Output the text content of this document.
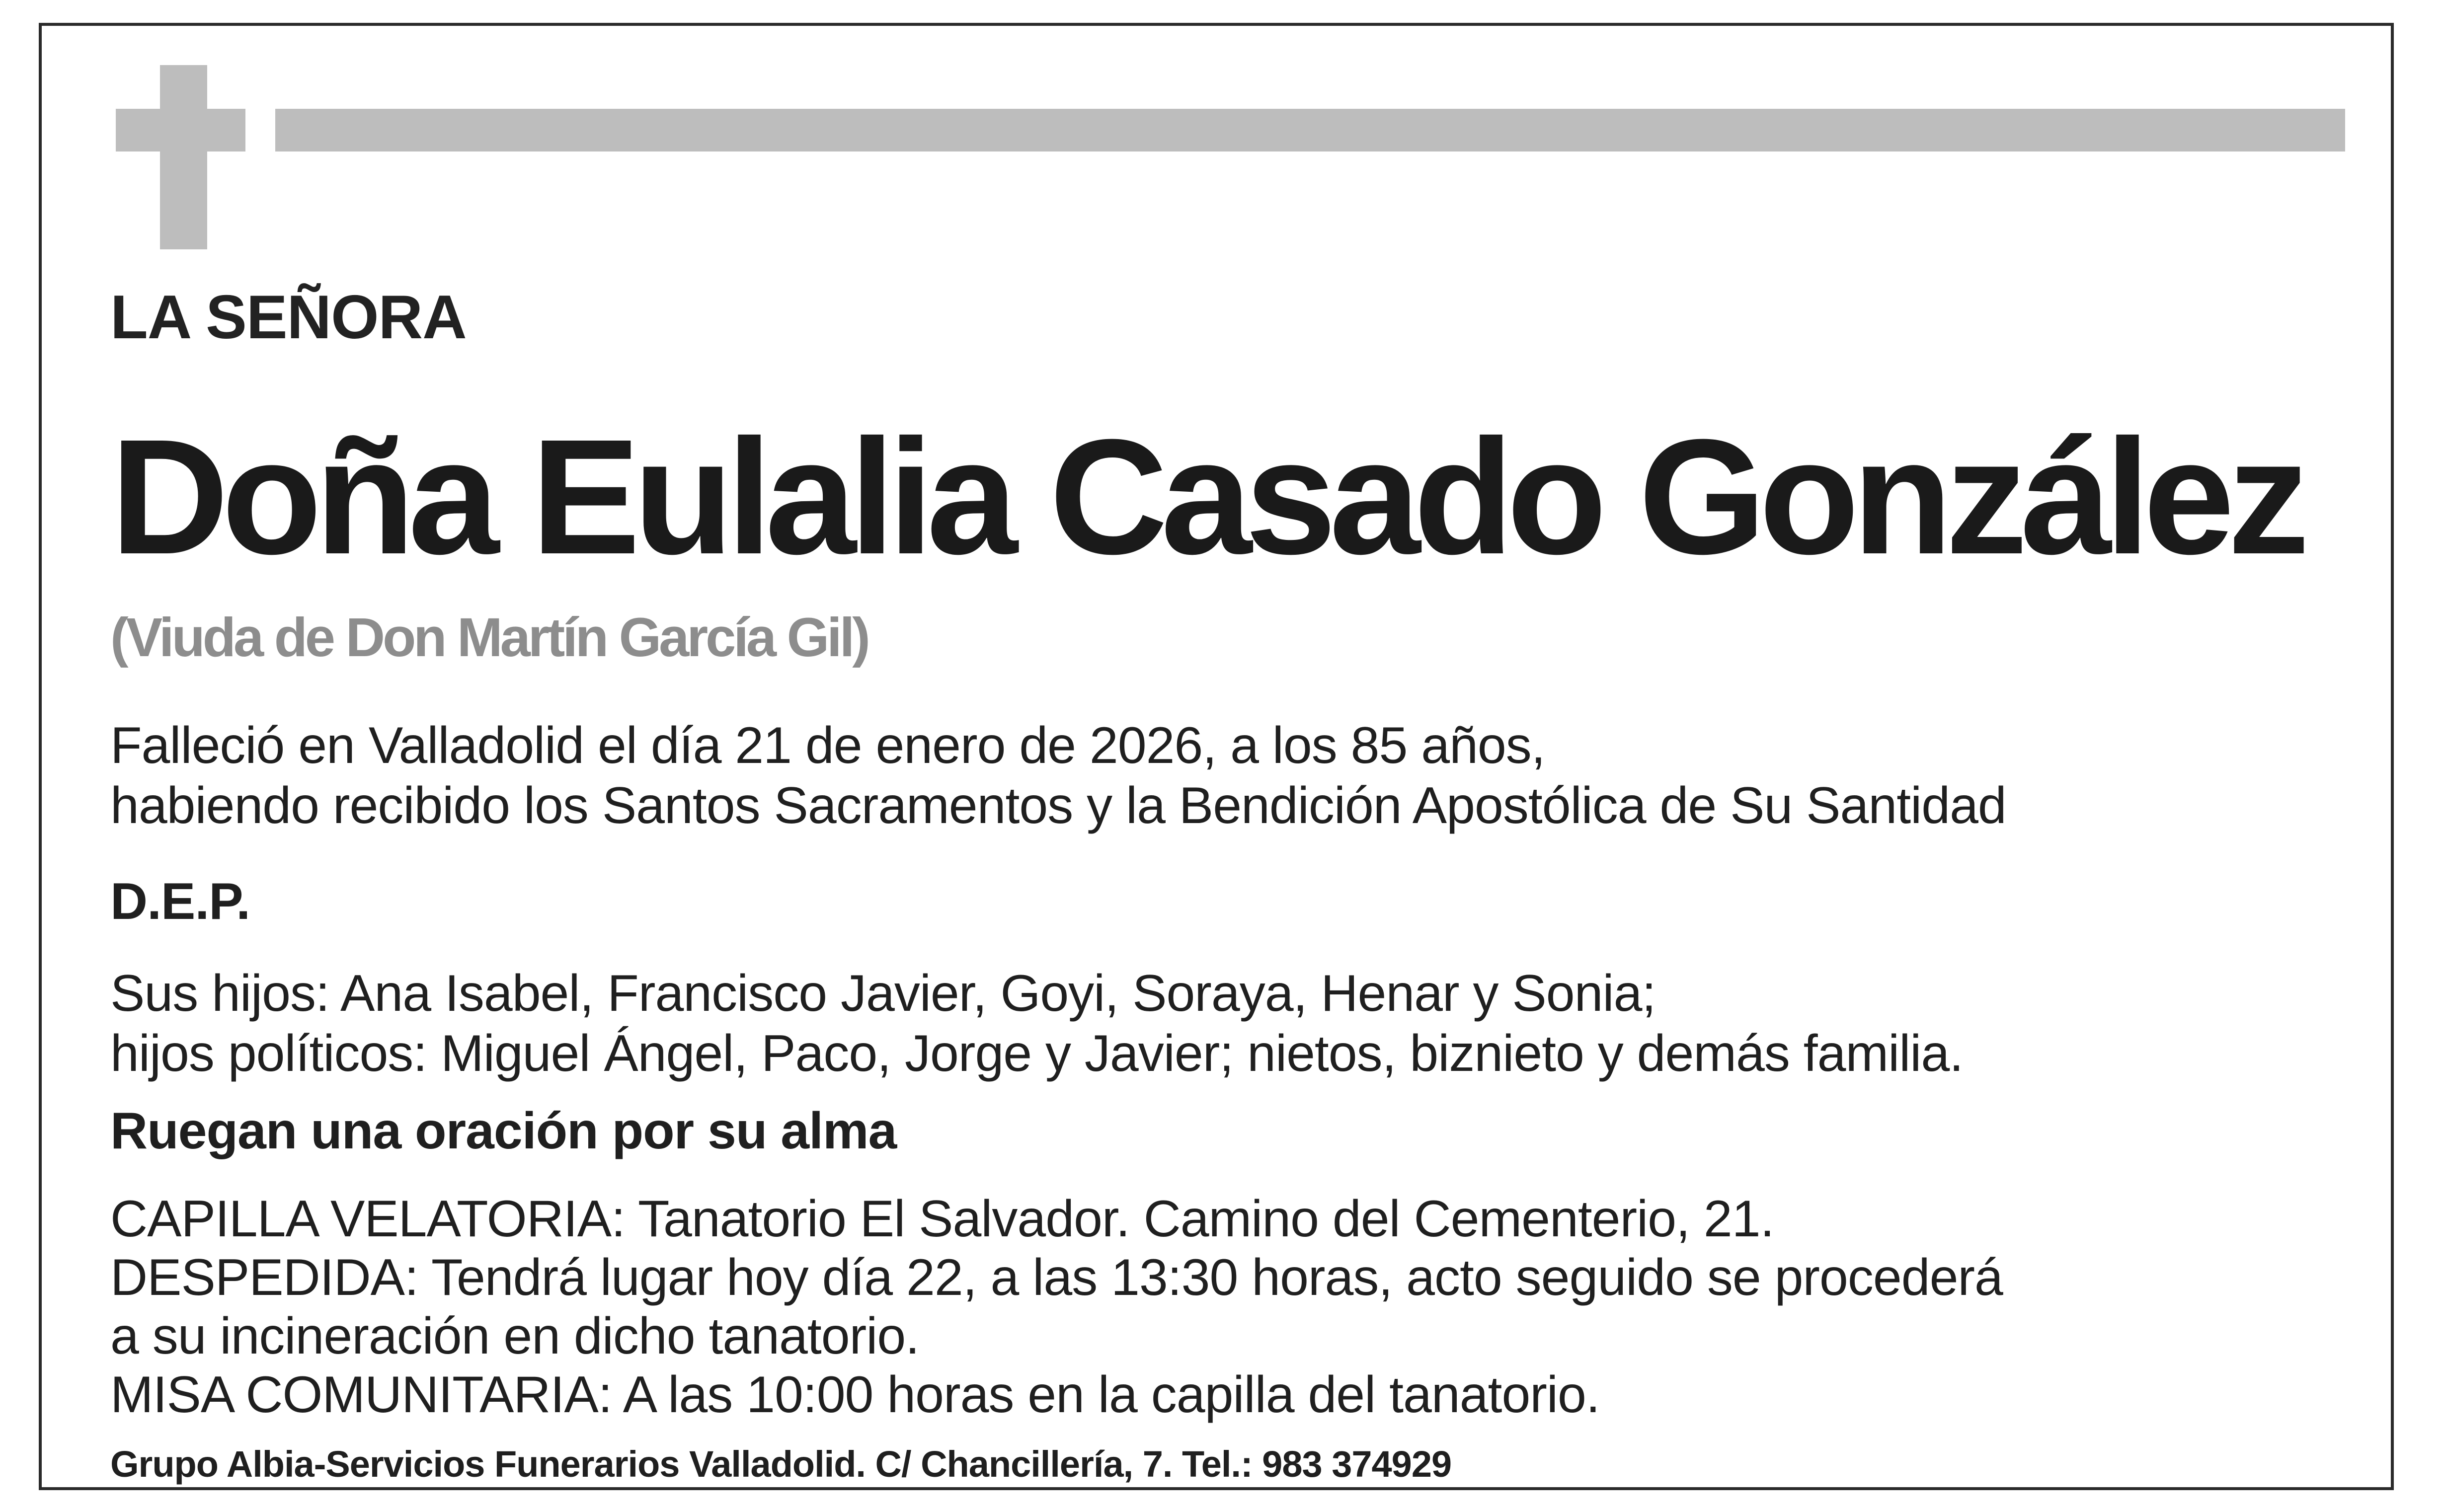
LA SEÑORA
Doña Eulalia Casado González
(Viuda de Don Martín García Gil)
Falleció en Valladolid el día 21 de enero de 2026, a los 85 años,
habiendo recibido los Santos Sacramentos y la Bendición Apostólica de Su Santidad
D.E.P.
Sus hijos: Ana Isabel, Francisco Javier, Goyi, Soraya, Henar y Sonia;
hijos políticos: Miguel Ángel, Paco, Jorge y Javier; nietos, biznieto y demás familia.
Ruegan una oración por su alma
CAPILLA VELATORIA: Tanatorio El Salvador. Camino del Cementerio, 21.
DESPEDIDA: Tendrá lugar hoy día 22, a las 13:30 horas, acto seguido se procederá
a su incineración en dicho tanatorio.
MISA COMUNITARIA: A las 10:00 horas en la capilla del tanatorio.
Grupo Albia-Servicios Funerarios Valladolid. C/ Chancillería, 7. Tel.: 983 374929
